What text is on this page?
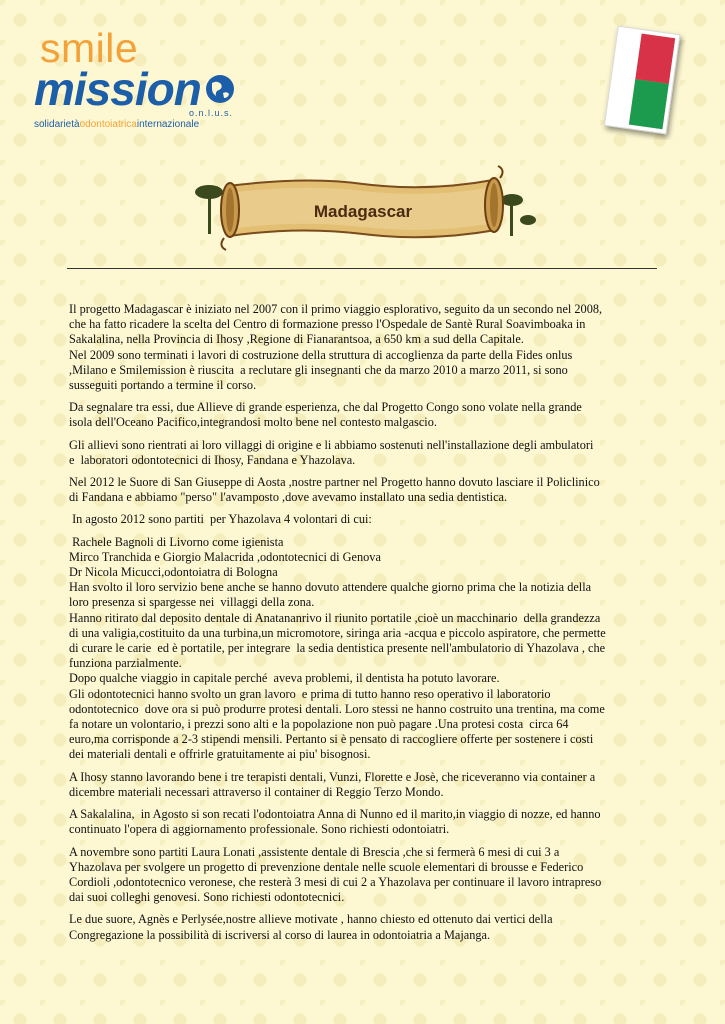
smile
mission
o.n.l.u.s.
solidarietàodontoiatricainternazionale
Madagascar

Il progetto Madagascar è iniziato nel 2007 con il primo viaggio esplorativo, seguito da un secondo nel 2008,
che ha fatto ricadere la scelta del Centro di formazione presso l'Ospedale de Santè Rural Soavimboaka in
Sakalalina, nella Provincia di Ihosy ,Regione di Fianarantsoa, a 650 km a sud della Capitale.
Nel 2009 sono terminati i lavori di costruzione della struttura di accoglienza da parte della Fides onlus
,Milano e Smilemission è riuscita  a reclutare gli insegnanti che da marzo 2010 a marzo 2011, si sono
susseguiti portando a termine il corso.

Da segnalare tra essi, due Allieve di grande esperienza, che dal Progetto Congo sono volate nella grande
isola dell'Oceano Pacifico,integrandosi molto bene nel contesto malgascio.

Gli allievi sono rientrati ai loro villaggi di origine e li abbiamo sostenuti nell'installazione degli ambulatori
e  laboratori odontotecnici di Ihosy, Fandana e Yhazolava.

Nel 2012 le Suore di San Giuseppe di Aosta ,nostre partner nel Progetto hanno dovuto lasciare il Policlinico
di Fandana e abbiamo "perso" l'avamposto ,dove avevamo installato una sedia dentistica.

In agosto 2012 sono partiti  per Yhazolava 4 volontari di cui:

Rachele Bagnoli di Livorno come igienista
Mirco Tranchida e Giorgio Malacrida ,odontotecnici di Genova
Dr Nicola Micucci,odontoiatra di Bologna
Han svolto il loro servizio bene anche se hanno dovuto attendere qualche giorno prima che la notizia della
loro presenza si spargesse nei  villaggi della zona.
Hanno ritirato dal deposito dentale di Anatananrivo il riunito portatile ,cioè un macchinario  della grandezza
di una valigia,costituito da una turbina,un micromotore, siringa aria -acqua e piccolo aspiratore, che permette
di curare le carie  ed è portatile, per integrare  la sedia dentistica presente nell'ambulatorio di Yhazolava , che
funziona parzialmente.
Dopo qualche viaggio in capitale perché  aveva problemi, il dentista ha potuto lavorare.
Gli odontotecnici hanno svolto un gran lavoro  e prima di tutto hanno reso operativo il laboratorio
odontotecnico  dove ora si può produrre protesi dentali. Loro stessi ne hanno costruito una trentina, ma come
fa notare un volontario, i prezzi sono alti e la popolazione non può pagare .Una protesi costa  circa 64
euro,ma corrisponde a 2-3 stipendi mensili. Pertanto si è pensato di raccogliere offerte per sostenere i costi
dei materiali dentali e offrirle gratuitamente ai piu' bisognosi.

A Ihosy stanno lavorando bene i tre terapisti dentali, Vunzi, Florette e Josè, che riceveranno via container a
dicembre materiali necessari attraverso il container di Reggio Terzo Mondo.

A Sakalalina,  in Agosto si son recati l'odontoiatra Anna di Nunno ed il marito,in viaggio di nozze, ed hanno
continuato l'opera di aggiornamento professionale. Sono richiesti odontoiatri.

A novembre sono partiti Laura Lonati ,assistente dentale di Brescia ,che si fermerà 6 mesi di cui 3 a
Yhazolava per svolgere un progetto di prevenzione dentale nelle scuole elementari di brousse e Federico
Cordioli ,odontotecnico veronese, che resterà 3 mesi di cui 2 a Yhazolava per continuare il lavoro intrapreso
dai suoi colleghi genovesi. Sono richiesti odontotecnici.

Le due suore, Agnès e Perlysée,nostre allieve motivate , hanno chiesto ed ottenuto dai vertici della
Congregazione la possibilità di iscriversi al corso di laurea in odontoiatria a Majanga.
